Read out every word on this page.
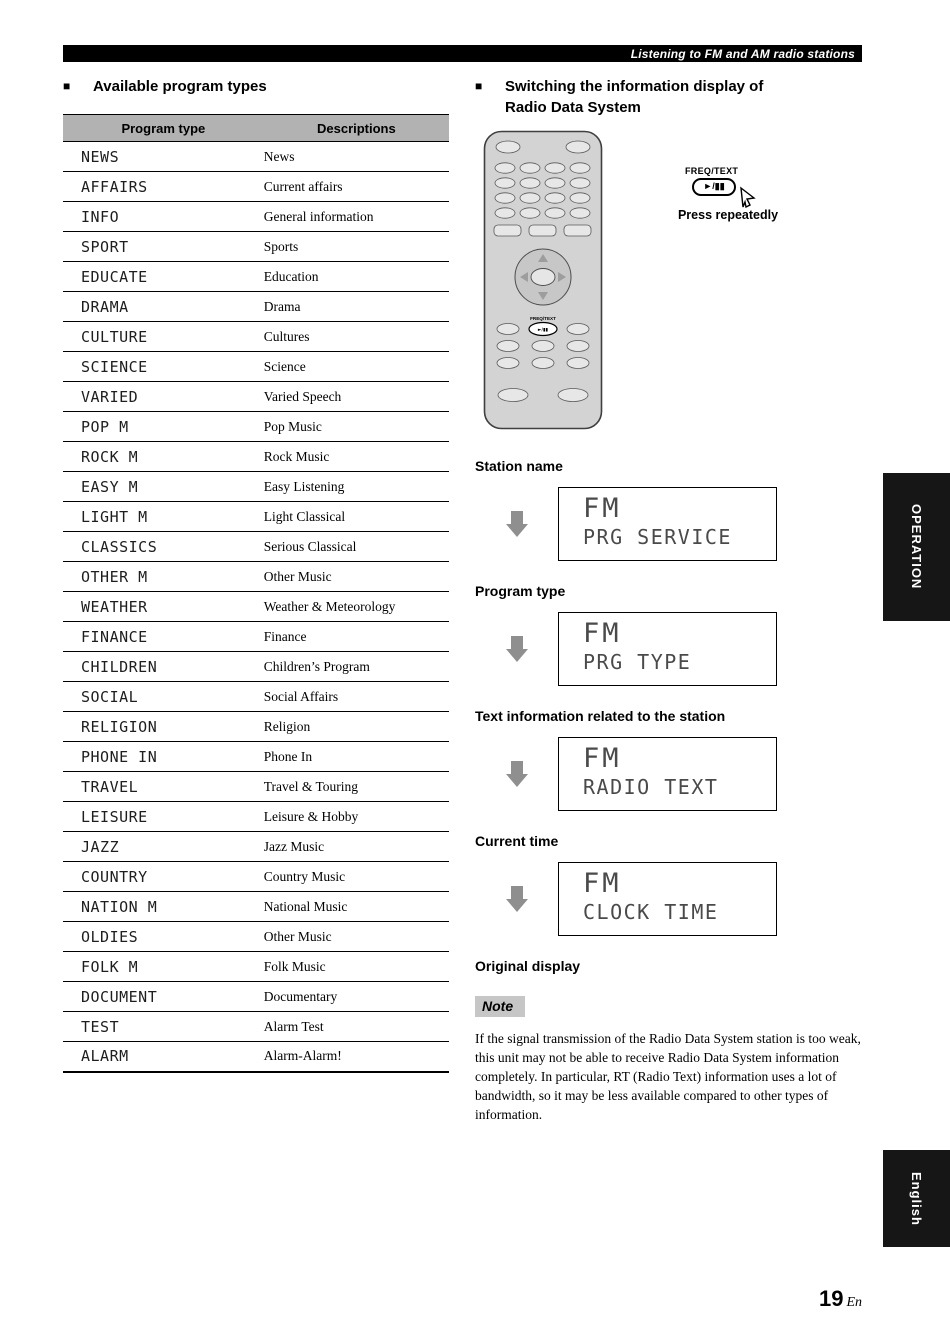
Listening to FM and AM radio stations
■	Available program types
Program type	Descriptions
NEWS	News
AFFAIRS	Current affairs
INFO	General information
SPORT	Sports
EDUCATE	Education
DRAMA	Drama
CULTURE	Cultures
SCIENCE	Science
VARIED	Varied Speech
POP M	Pop Music
ROCK M	Rock Music
EASY M	Easy Listening
LIGHT M	Light Classical
CLASSICS	Serious Classical
OTHER M	Other Music
WEATHER	Weather & Meteorology
FINANCE	Finance
CHILDREN	Children’s Program
SOCIAL	Social Affairs
RELIGION	Religion
PHONE IN	Phone In
TRAVEL	Travel & Touring
LEISURE	Leisure & Hobby
JAZZ	Jazz Music
COUNTRY	Country Music
NATION M	National Music
OLDIES	Other Music
FOLK M	Folk Music
DOCUMENT	Documentary
TEST	Alarm Test
ALARM	Alarm-Alarm!
■	Switching the information display of Radio Data System
FREQ/TEXT
►/▮▮
FREQ/TEXT
►/▮▮
Press repeatedly
Station name
FM
PRG SERVICE
Program type
FM
PRG TYPE
Text information related to the station
FM
RADIO TEXT
Current time
FM
CLOCK TIME
Original display
Note
If the signal transmission of the Radio Data System station is too weak, this unit may not be able to receive Radio Data System information completely. In particular, RT (Radio Text) information uses a lot of bandwidth, so it may be less available compared to other types of information.
OPERATION
English
19 En
